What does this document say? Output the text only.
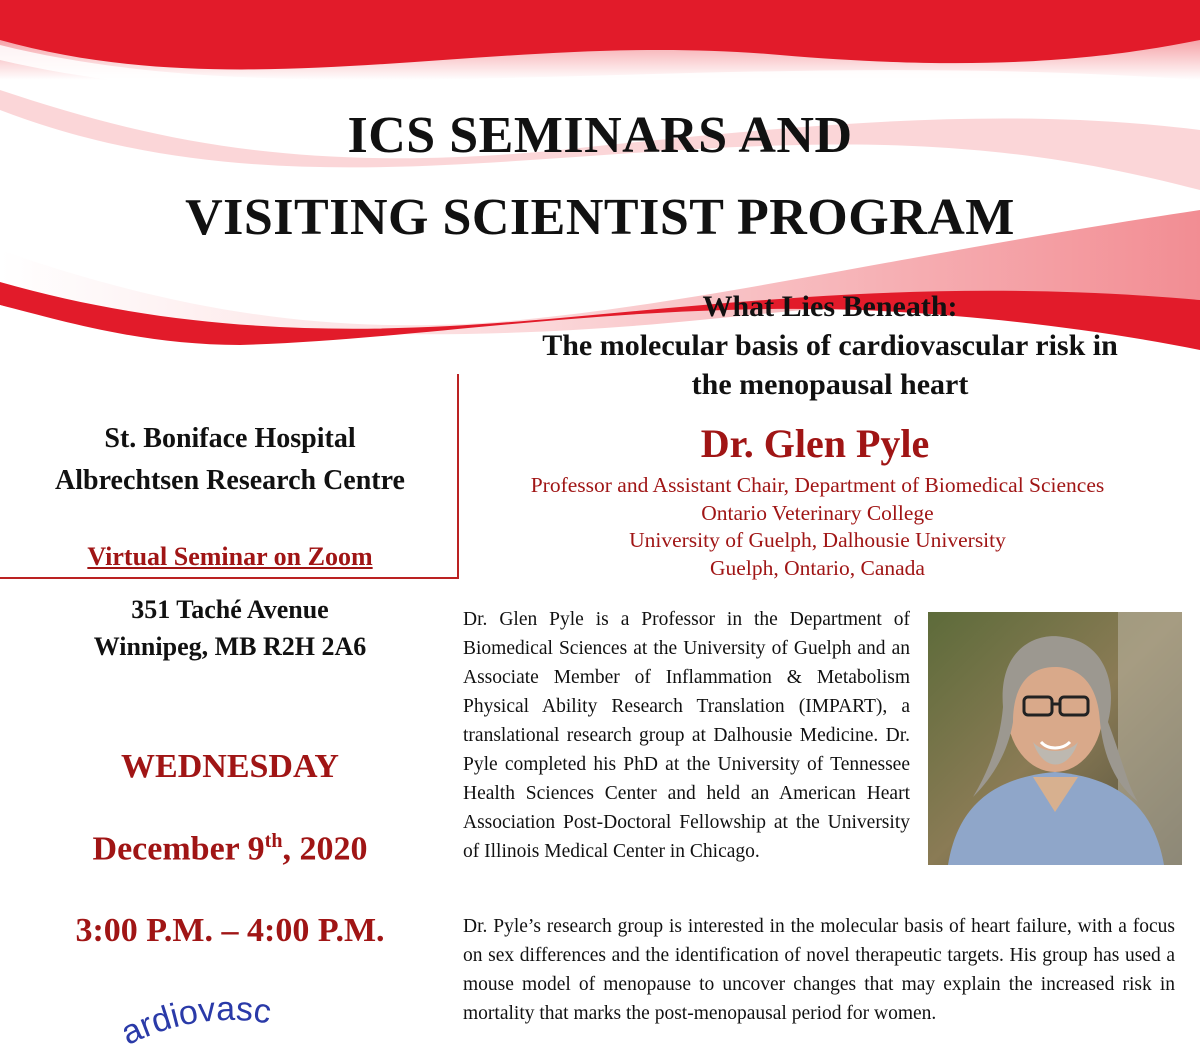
ICS SEMINARS AND
VISITING SCIENTIST PROGRAM
What Lies Beneath:
The molecular basis of cardiovascular risk in
the menopausal heart
St. Boniface Hospital
Albrechtsen Research Centre
Virtual Seminar on Zoom
351 Taché Avenue
Winnipeg, MB R2H 2A6
WEDNESDAY
December 9th, 2020
3:00 P.M. – 4:00 P.M.
ardiovasc
Dr. Glen Pyle
Professor and Assistant Chair, Department of Biomedical Sciences
Ontario Veterinary College
University of Guelph, Dalhousie University
Guelph, Ontario, Canada
Dr. Glen Pyle is a Professor in the Department of Biomedical Sciences at the University of Guelph and an Associate Member of Inflammation & Metabolism Physical Ability Research Translation (IMPART), a translational research group at Dalhousie Medicine. Dr. Pyle completed his PhD at the University of Tennessee Health Sciences Center and held an American Heart Association Post-Doctoral Fellowship at the University of Illinois Medical Center in Chicago.
Dr. Pyle’s research group is interested in the molecular basis of heart failure, with a focus on sex differences and the identification of novel therapeutic targets. His group has used a mouse model of menopause to uncover changes that may explain the increased risk in mortality that marks the post-menopausal period for women.
